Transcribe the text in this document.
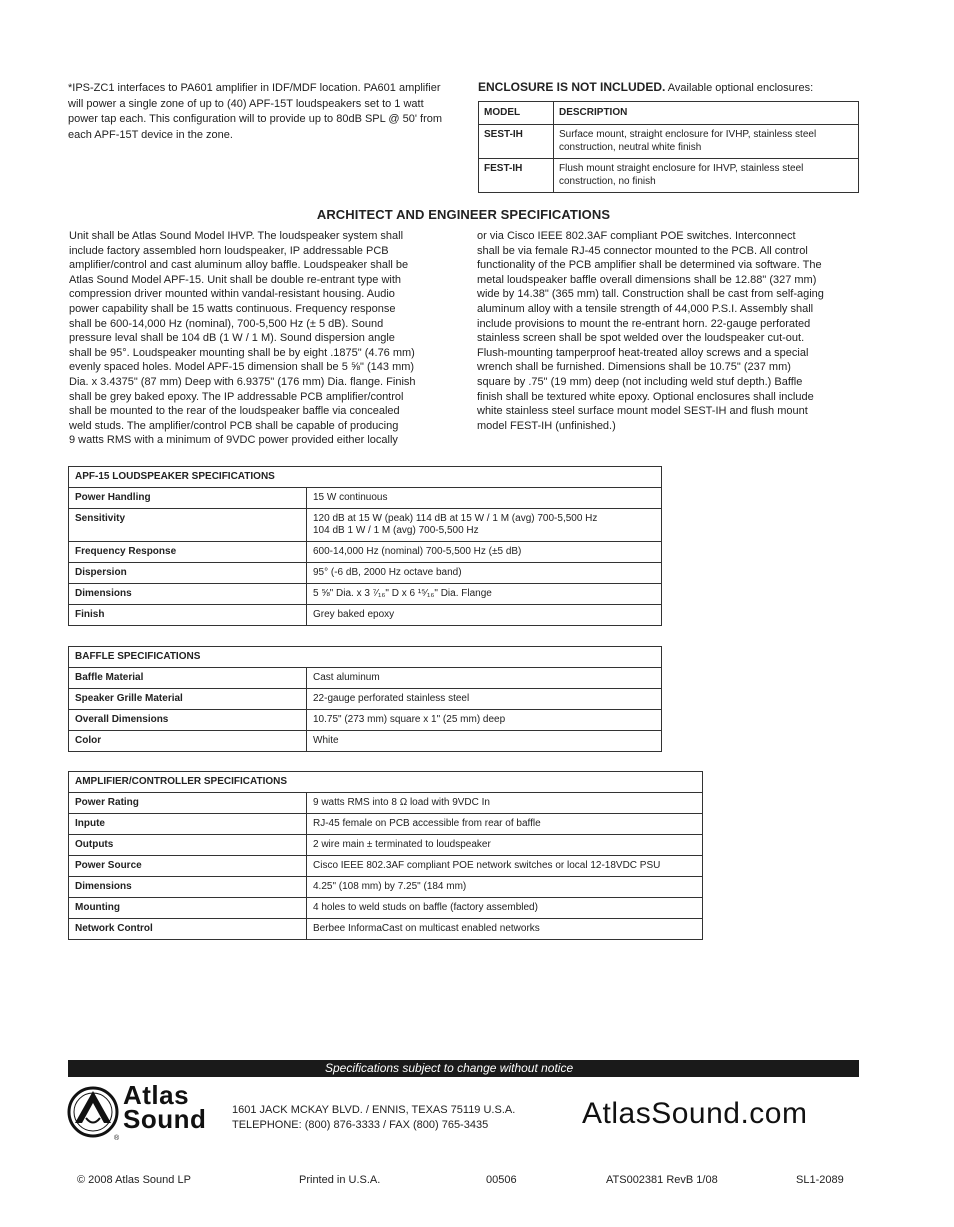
*IPS-ZC1 interfaces to PA601 amplifier in IDF/MDF location. PA601 amplifier will power a single zone of up to (40) APF-15T loudspeakers set to 1 watt power tap each. This configuration will to provide up to 80dB SPL @ 50' from each APF-15T device in the zone.
ENCLOSURE IS NOT INCLUDED. Available optional enclosures:
MODEL	DESCRIPTION
SEST-IH	Surface mount, straight enclosure for IVHP, stainless steel construction, neutral white finish
FEST-IH	Flush mount straight enclosure for IHVP, stainless steel construction, no finish
ARCHITECT AND ENGINEER SPECIFICATIONS
Unit shall be Atlas Sound Model IHVP. The loudspeaker system shall
include factory assembled horn loudspeaker, IP addressable PCB
amplifier/control and cast aluminum alloy baffle. Loudspeaker shall be
Atlas Sound Model APF-15. Unit shall be double re-entrant type with
compression driver mounted within vandal-resistant housing. Audio
power capability shall be 15 watts continuous. Frequency response
shall be 600-14,000 Hz (nominal), 700-5,500 Hz (± 5 dB). Sound
pressure leval shall be 104 dB (1 W / 1 M). Sound dispersion angle
shall be 95°. Loudspeaker mounting shall be by eight .1875" (4.76 mm)
evenly spaced holes. Model APF-15 dimension shall be 5 ⅝" (143 mm)
Dia. x 3.4375" (87 mm) Deep with 6.9375" (176 mm) Dia. flange. Finish
shall be grey baked epoxy. The IP addressable PCB amplifier/control
shall be mounted to the rear of the loudspeaker baffle via concealed
weld studs. The amplifier/control PCB shall be capable of producing
9 watts RMS with a minimum of 9VDC power provided either locally
or via Cisco IEEE 802.3AF compliant POE switches. Interconnect
shall be via female RJ-45 connector mounted to the PCB. All control
functionality of the PCB amplifier shall be determined via software. The
metal loudspeaker baffle overall dimensions shall be 12.88" (327 mm)
wide by 14.38" (365 mm) tall. Construction shall be cast from self-aging
aluminum alloy with a tensile strength of 44,000 P.S.I. Assembly shall
include provisions to mount the re-entrant horn. 22-gauge perforated
stainless screen shall be spot welded over the loudspeaker cut-out.
Flush-mounting tamperproof heat-treated alloy screws and a special
wrench shall be furnished. Dimensions shall be 10.75" (237 mm)
square by .75" (19 mm) deep (not including weld stuf depth.) Baffle
finish shall be textured white epoxy. Optional enclosures shall include
white stainless steel surface mount model SEST-IH and flush mount
model FEST-IH (unfinished.)
APF-15 LOUDSPEAKER SPECIFICATIONS	
Power Handling	15 W continuous
Sensitivity	120 dB at 15 W (peak) 114 dB at 15 W / 1 M (avg) 700-5,500 Hz
104 dB 1 W / 1 M (avg) 700-5,500 Hz
Frequency Response	600-14,000 Hz (nominal) 700-5,500 Hz (±5 dB)
Dispersion	95° (-6 dB, 2000 Hz octave band)
Dimensions	5 ⅝" Dia. x 3 ⁷⁄₁₆" D x 6 ¹⁵⁄₁₆" Dia. Flange
Finish	Grey baked epoxy
BAFFLE SPECIFICATIONS	
Baffle Material	Cast aluminum
Speaker Grille Material	22-gauge perforated stainless steel
Overall Dimensions	10.75" (273 mm) square x 1" (25 mm) deep
Color	White
AMPLIFIER/CONTROLLER SPECIFICATIONS	
Power Rating	9 watts RMS into 8 Ω load with 9VDC In
Inpute	RJ-45 female on PCB accessible from rear of baffle
Outputs	2 wire main ± terminated to loudspeaker
Power Source	Cisco IEEE 802.3AF compliant POE network switches or local 12-18VDC PSU
Dimensions	4.25" (108 mm) by 7.25" (184 mm)
Mounting	4 holes to weld studs on baffle (factory assembled)
Network Control	Berbee InformaCast on multicast enabled networks
Specifications subject to change without notice
®
Atlas
Sound 1601 JACK MCKAY BLVD. / ENNIS, TEXAS 75119 U.S.A.
TELEPHONE: (800) 876-3333 / FAX (800) 765-3435	AtlasSound.com
© 2008 Atlas Sound LP	Printed in U.S.A.	00506	ATS002381 RevB 1/08	SL1-2089
